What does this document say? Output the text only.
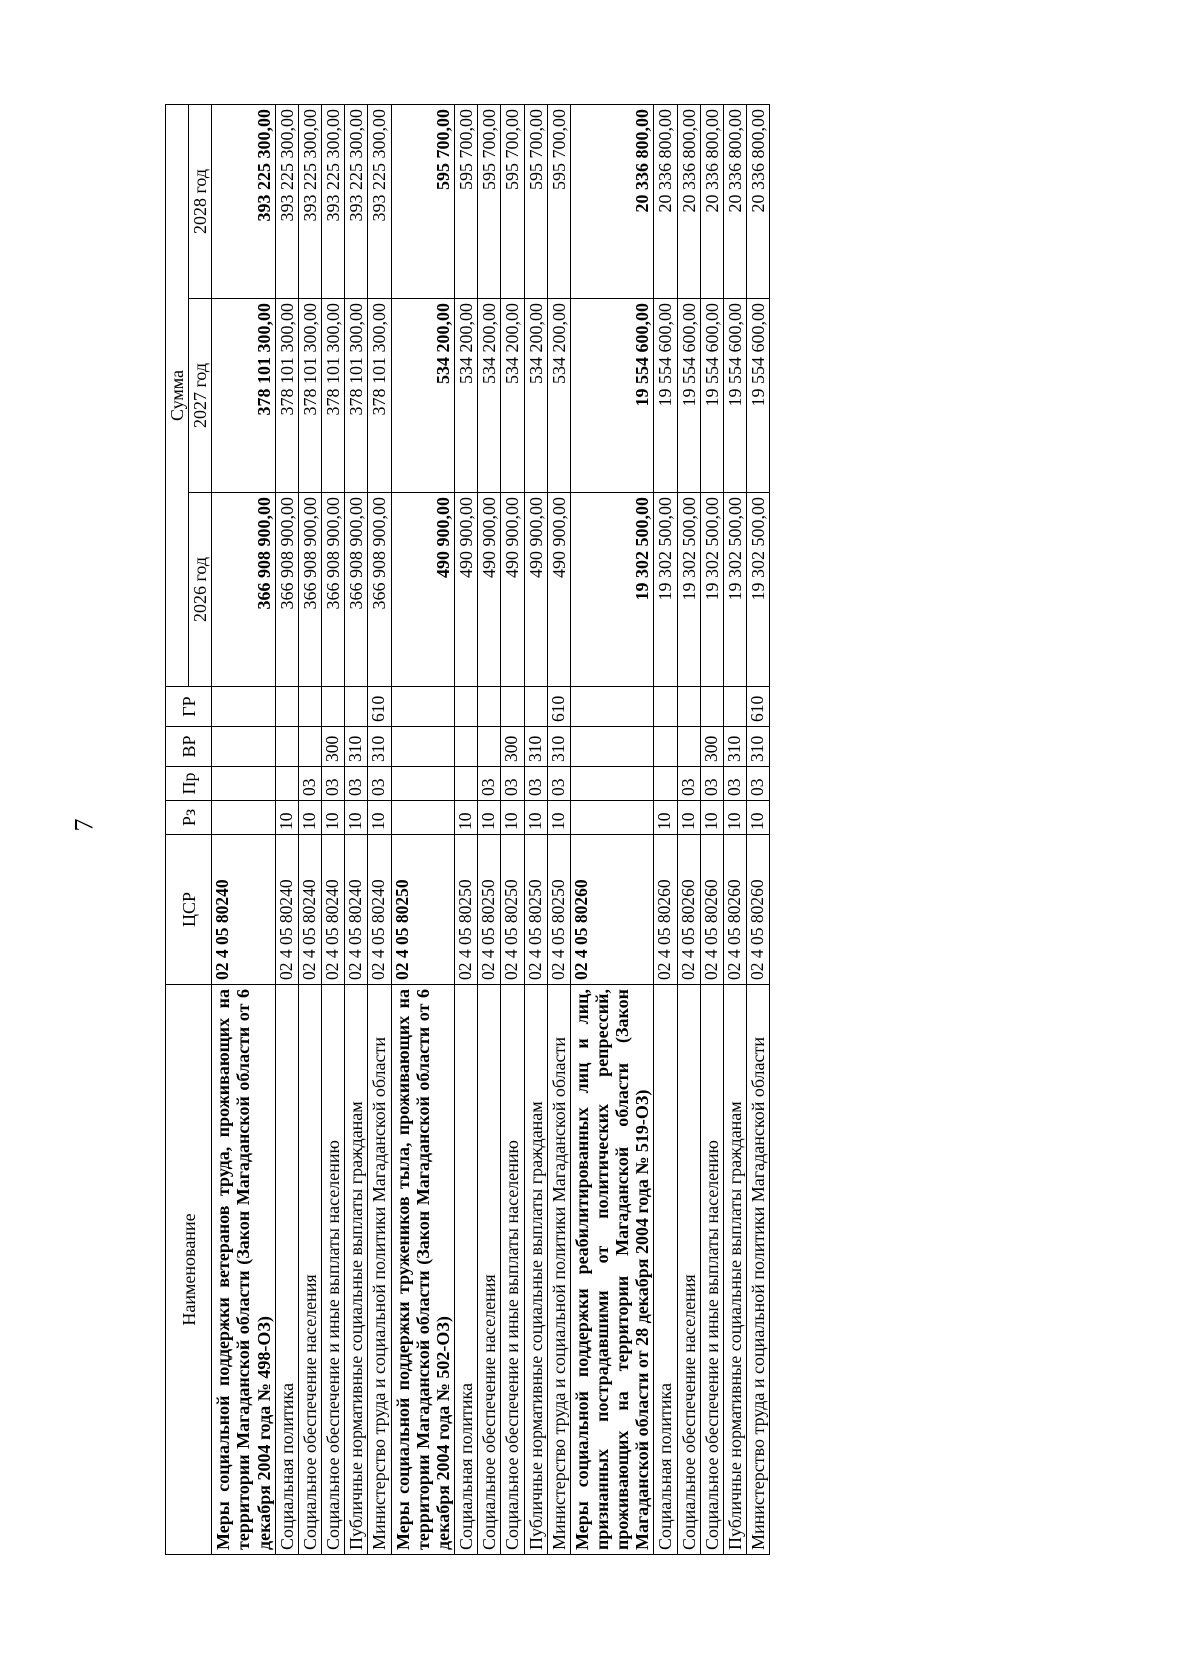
7
Наименование	ЦСР	Рз	Пр	ВР	ГР	Сумма		
						2026 год	2027 год	2028 год
Меры социальной поддержки ветеранов труда, проживающих на территории Магаданской области (Закон Магаданской области от 6 декабря 2004 года № 498-ОЗ)	02 4 05 80240					366 908 900,00	378 101 300,00	393 225 300,00
Социальная политика	02 4 05 80240	10				366 908 900,00	378 101 300,00	393 225 300,00
Социальное обеспечение населения	02 4 05 80240	10	03			366 908 900,00	378 101 300,00	393 225 300,00
Социальное обеспечение и иные выплаты населению	02 4 05 80240	10	03	300		366 908 900,00	378 101 300,00	393 225 300,00
Публичные нормативные социальные выплаты гражданам	02 4 05 80240	10	03	310		366 908 900,00	378 101 300,00	393 225 300,00
Министерство труда и социальной политики Магаданской области	02 4 05 80240	10	03	310	610	366 908 900,00	378 101 300,00	393 225 300,00
Меры социальной поддержки тружеников тыла, проживающих на территории Магаданской области (Закон Магаданской области от 6 декабря 2004 года № 502-ОЗ)	02 4 05 80250					490 900,00	534 200,00	595 700,00
Социальная политика	02 4 05 80250	10				490 900,00	534 200,00	595 700,00
Социальное обеспечение населения	02 4 05 80250	10	03			490 900,00	534 200,00	595 700,00
Социальное обеспечение и иные выплаты населению	02 4 05 80250	10	03	300		490 900,00	534 200,00	595 700,00
Публичные нормативные социальные выплаты гражданам	02 4 05 80250	10	03	310		490 900,00	534 200,00	595 700,00
Министерство труда и социальной политики Магаданской области	02 4 05 80250	10	03	310	610	490 900,00	534 200,00	595 700,00
Меры социальной поддержки реабилитированных лиц и лиц, признанных пострадавшими от политических репрессий, проживающих на территории Магаданской области (Закон Магаданской области от 28 декабря 2004 года № 519-ОЗ)	02 4 05 80260					19 302 500,00	19 554 600,00	20 336 800,00
Социальная политика	02 4 05 80260	10				19 302 500,00	19 554 600,00	20 336 800,00
Социальное обеспечение населения	02 4 05 80260	10	03			19 302 500,00	19 554 600,00	20 336 800,00
Социальное обеспечение и иные выплаты населению	02 4 05 80260	10	03	300		19 302 500,00	19 554 600,00	20 336 800,00
Публичные нормативные социальные выплаты гражданам	02 4 05 80260	10	03	310		19 302 500,00	19 554 600,00	20 336 800,00
Министерство труда и социальной политики Магаданской области	02 4 05 80260	10	03	310	610	19 302 500,00	19 554 600,00	20 336 800,00
